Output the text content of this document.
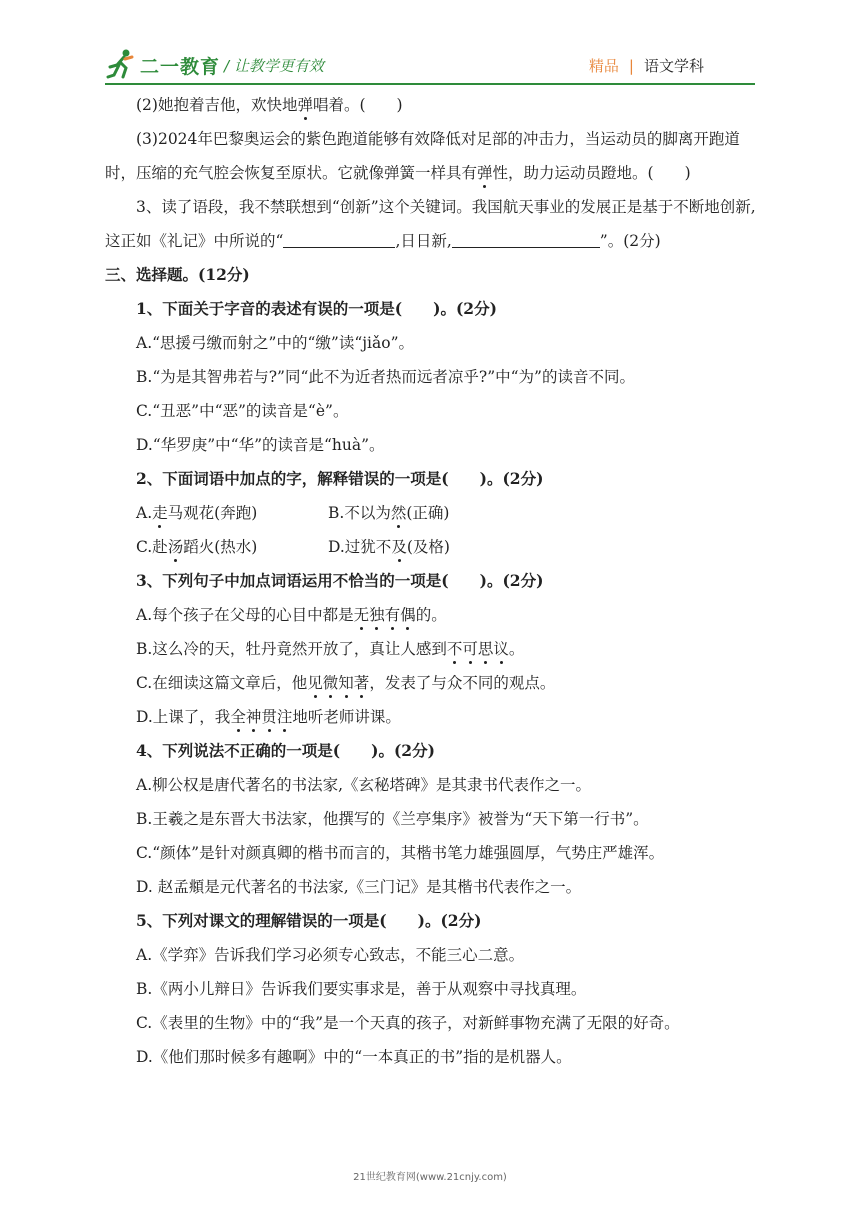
二一教育 / 让教学更有效	精品 | 语文学科

(2)她抱着吉他，欢快地弹唱着。(　　)

(3)2024年巴黎奥运会的紫色跑道能够有效降低对足部的冲击力，当运动员的脚离开跑道时，压缩的充气腔会恢复至原状。它就像弹簧一样具有弹性，助力运动员蹬地。(　　)

3、读了语段，我不禁联想到“创新”这个关键词。我国航天事业的发展正是基于不断地创新,这正如《礼记》中所说的“	,日日新,	”。(2分)

三、选择题。(12分)

1、下面关于字音的表述有误的一项是(　　)。(2分)

A.“思援弓缴而射之”中的“缴”读“jiǎo”。

B.“为是其智弗若与?”同“此不为近者热而远者凉乎?”中“为”的读音不同。

C.“丑恶”中“恶”的读音是“è”。

D.“华罗庚”中“华”的读音是“huà”。

2、下面词语中加点的字，解释错误的一项是(　　)。(2分)

A.走马观花(奔跑)	B.不以为然(正确)

C.赴汤蹈火(热水)	D.过犹不及(及格)

3、下列句子中加点词语运用不恰当的一项是(　　)。(2分)

A.每个孩子在父母的心目中都是无独有偶的。

B.这么冷的天，牡丹竟然开放了，真让人感到不可思议。

C.在细读这篇文章后，他见微知著，发表了与众不同的观点。

D.上课了，我全神贯注地听老师讲课。

4、下列说法不正确的一项是(　　)。(2分)

A.柳公权是唐代著名的书法家,《玄秘塔碑》是其隶书代表作之一。

B.王羲之是东晋大书法家，他撰写的《兰亭集序》被誉为“天下第一行书”。

C.“颜体”是针对颜真卿的楷书而言的，其楷书笔力雄强圆厚，气势庄严雄浑。

D. 赵孟頫是元代著名的书法家,《三门记》是其楷书代表作之一。

5、下列对课文的理解错误的一项是(　　)。(2分)

A.《学弈》告诉我们学习必须专心致志，不能三心二意。

B.《两小儿辩日》告诉我们要实事求是，善于从观察中寻找真理。

C.《表里的生物》中的“我”是一个天真的孩子，对新鲜事物充满了无限的好奇。

D.《他们那时候多有趣啊》中的“一本真正的书”指的是机器人。

21世纪教育网(www.21cnjy.com)
